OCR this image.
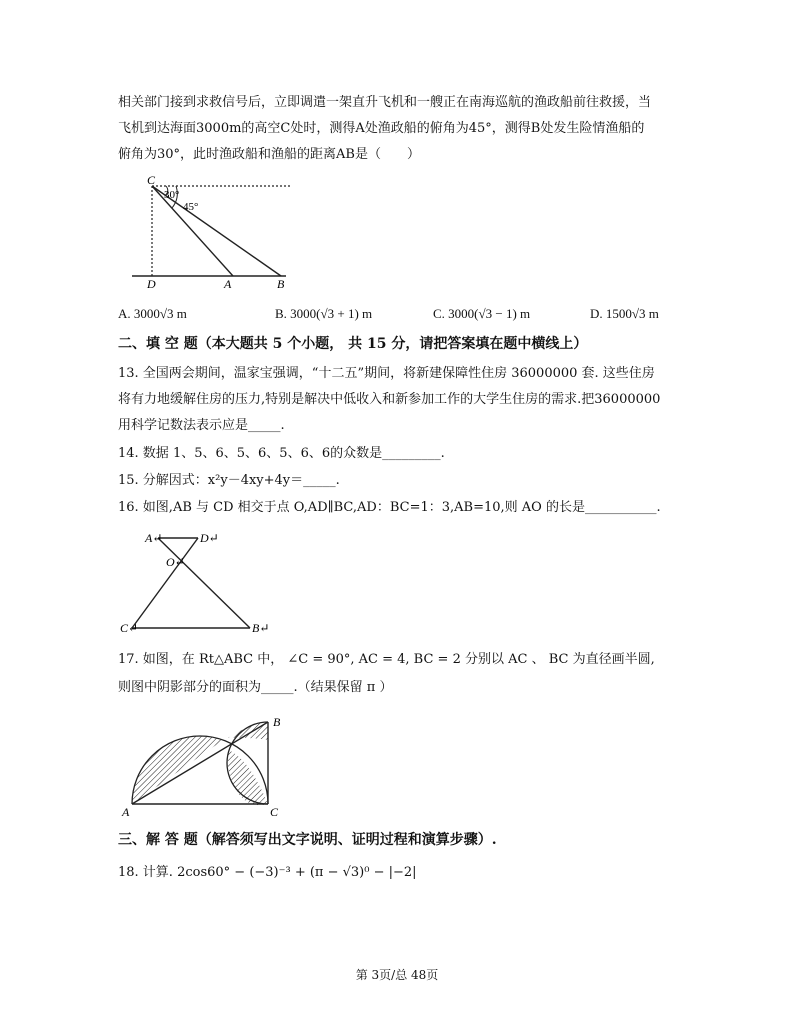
相关部门接到求救信号后，立即调遣一架直升飞机和一艘正在南海巡航的渔政船前往救援，当
飞机到达海面3000m的高空C处时，测得A处渔政船的俯角为45°，测得B处发生险情渔船的
俯角为30°，此时渔政船和渔船的距离AB是（　　）
C
30°
45°
D	A	B
A. 3000√3 m	B. 3000(√3 + 1) m	C. 3000(√3 − 1) m	D. 1500√3 m
二、填 空 题（本大题共 5 个小题， 共 15 分，请把答案填在题中横线上）
13. 全国两会期间，温家宝强调，“十二五”期间，将新建保障性住房 36000000 套. 这些住房
将有力地缓解住房的压力,特别是解决中低收入和新参加工作的大学生住房的需求.把36000000
用科学记数法表示应是_____.
14. 数据 1、5、6、5、6、5、6、6的众数是_________.
15. 分解因式：x²y－4xy+4y＝_____.
16. 如图,AB 与 CD 相交于点 O,AD∥BC,AD：BC=1：3,AB=10,则 AO 的长是___________.
A↵	D↵
O↵
C↵	B↵
17. 如图，在 Rt△ABC 中， ∠C = 90°, AC = 4, BC = 2 分别以 AC 、 BC 为直径画半圆,
则图中阴影部分的面积为_____.（结果保留 π ）
A
B
C
三、解 答 题（解答须写出文字说明、证明过程和演算步骤）.
18. 计算. 2cos60° − (−3)⁻³ + (π − √3)⁰ − |−2|
第 3页/总 48页
